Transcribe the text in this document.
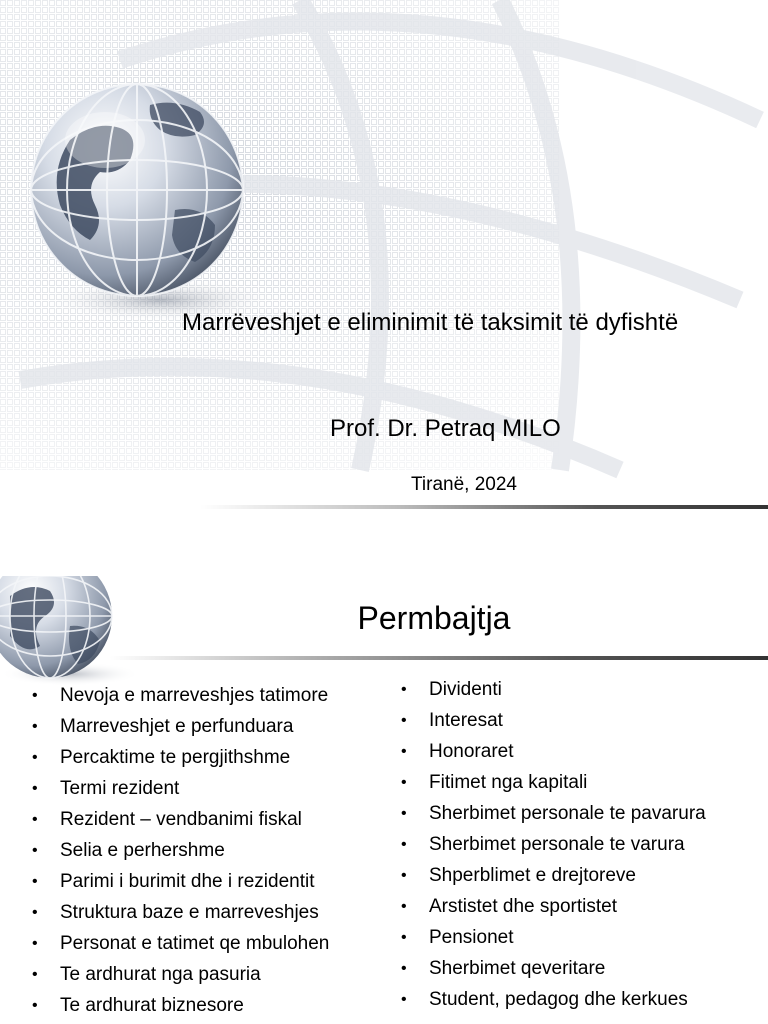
Marrëveshjet e eliminimit të taksimit të dyfishtë
Prof. Dr. Petraq MILO
Tiranë, 2024
Permbajtja
• Nevoja e marreveshjes tatimore
• Marreveshjet e perfunduara
• Percaktime te pergjithshme
• Termi rezident
• Rezident – vendbanimi fiskal
• Selia e perhershme
• Parimi i burimit dhe i rezidentit
• Struktura baze e marreveshjes
• Personat e tatimet qe mbulohen
• Te ardhurat nga pasuria
• Te ardhurat biznesore
• Dividenti
• Interesat
• Honoraret
• Fitimet nga kapitali
• Sherbimet personale te pavarura
• Sherbimet personale te varura
• Shperblimet e drejtoreve
• Arstistet dhe sportistet
• Pensionet
• Sherbimet qeveritare
• Student, pedagog dhe kerkues
